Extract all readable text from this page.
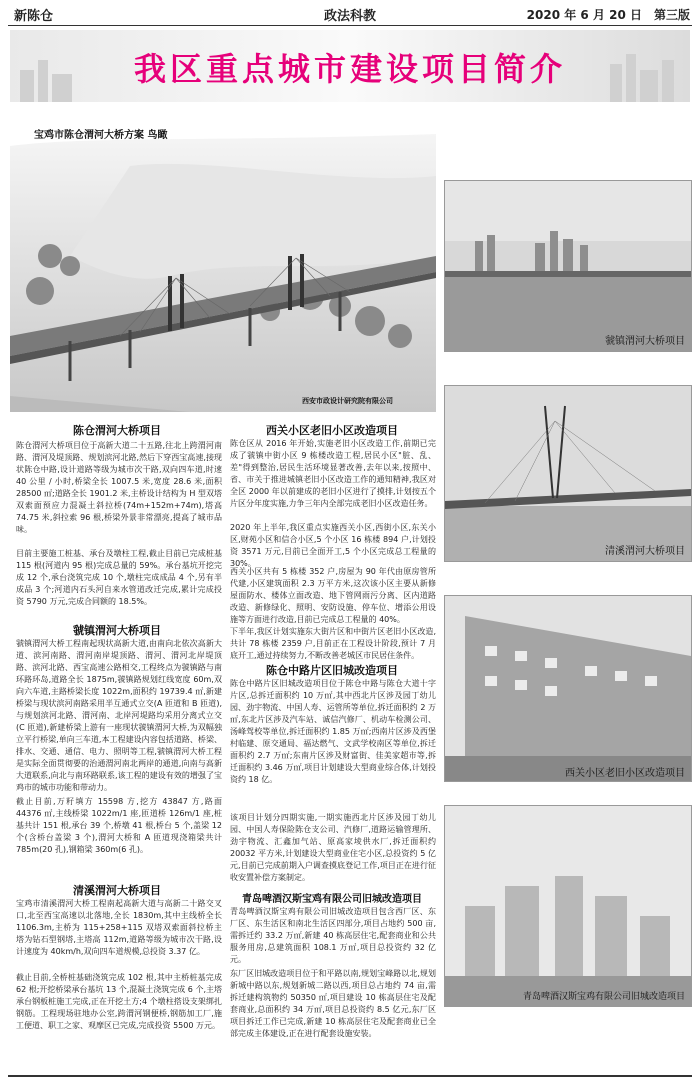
新陈仓	政法科教	2020 年 6 月 20 日　第三版
我区重点城市建设项目简介
宝鸡市陈仓渭河大桥方案 鸟瞰
西安市政设计研究院有限公司
虢镇渭河大桥项目
清溪渭河大桥项目
西关小区老旧小区改造项目
青岛啤酒汉斯宝鸡有限公司旧城改造项目
陈仓渭河大桥项目
陈仓渭河大桥项目位于高新大道二十五路,往北上跨渭河南路、渭河及堤顶路、规划滨河北路,然后下穿西宝高速,接现状陈仓中路,设计道路等级为城市次干路,双向四车道,时速 40 公里 / 小时,桥梁全长 1007.5 米,宽度 28.6 米,面积 28500 ㎡;道路全长 1901.2 米,主桥设计结构为 H 型双塔双索面预应力混凝土斜拉桥(74m+152m+74m),塔高 74.75 米,斜拉索 96 根,桥梁外景非常漂亮,提高了城市品味。
目前主要施工桩基、承台及墩柱工程,截止目前已完成桩基 115 根(河道内 95 根)完成总量的 59%。承台基坑开挖完成 12 个,承台浇筑完成 10 个,墩柱完成成品 4 个,另有半成品 3 个;河道内石头河自来水管道改迁完成,累计完成投资 5790 万元,完成合同额的 18.5%。
虢镇渭河大桥项目
虢镇渭河大桥工程南起现状高新大道,由南向北依次高新大道、滨河南路、渭河南岸堤顶路、渭河、渭河北岸堤顶路、滨河北路、西宝高速公路相交,工程终点为虢镇路与南环路环岛,道路全长 1875m,虢镇路规划红线宽度 60m,双向六车道,主路桥梁长度 1022m,面积约 19739.4 ㎡,新建桥梁与现状滨河南路采用半互通式立交(A 匝道和 B 匝道),与规划滨河北路、渭河南、北岸河堤路均采用分离式立交(C 匝道),新建桥梁上游有一座现状虢镇渭河大桥,为双幅独立平行桥梁,单向三车道,本工程建设内容包括道路、桥梁、排水、交通、通信、电力、照明等工程,虢镇渭河大桥工程是实际全面贯彻要的治通渭河南北两岸的通道,向南与高新大道联系,向北与南环路联系,该工程的建设有效的增强了宝鸡市的城市功能和带动力。
截止目前,万籽填方 15598 方,挖方 43847 方,路面 44376 ㎡,主线桥梁 1022m/1 座,匝道桥 126m/1 座,桩基共计 151 根,承台 39 个,桥墩 41 根,桥台 5 个,盖梁 12 个(含桥台盖梁 3 个),渭河大桥和 A 匝道现浇箱梁共计 785m(20 孔),钢箱梁 360m(6 孔)。
清溪渭河大桥项目
宝鸡市清溪渭河大桥工程南起高新大道与高新二十路交叉口,北至西宝高速以北落地,全长 1830m,其中主线桥全长 1106.3m,主桥为 115+258+115 双塔双索面斜拉桥主塔为钻石型钢塔,主塔高 112m,道路等级为城市次干路,设计速度为 40km/h,双向四车道规模,总投资 3.37 亿。
截止目前,全桥桩基础浇筑完成 102 根,其中主桥桩基完成 62 根;开挖桥梁承台基坑 13 个,混凝土浇筑完成 6 个,主塔承台钢板桩施工完成,正在开挖土方;4 个墩柱搭设支架绑扎钢筋。工程现场驻地办公室,跨渭河钢便桥,钢筋加工厂,施工便道、职工之家、观摩区已完成,完成投资 5500 万元。
西关小区老旧小区改造项目
陈仓区从 2016 年开始,实施老旧小区改造工作,前期已完成了虢镇中街小区 9 栋楼改造工程,居民小区"脏、乱、差"得到整治,居民生活环境显著改善,去年以来,按照中、省、市关于推进城镇老旧小区改造工作的通知精神,我区对全区 2000 年以前建成的老旧小区进行了摸排,计划按五个片区分年度实施,力争三年内全部完成老旧小区改造任务。
2020 年上半年,我区重点实施西关小区,西街小区,东关小区,财苑小区和信合小区,5 个小区 16 栋楼 894 户,计划投资 3571 万元,目前已全面开工,5 个小区完成总工程量的 30%。
西关小区共有 5 栋楼 352 户,房屋为 90 年代由原房管所代建,小区建筑面积 2.3 万平方米,这次该小区主要从新修屋面防水、楼体立面改造、地下管网雨污分离、区内道路改造、新修绿化、照明、安防设施、停车位、增添公用设施等方面进行改造,目前已完成总工程量的 40%。
下半年,我区计划实施东大街片区和中街片区老旧小区改造,共计 78 栋楼 2359 户,目前正在工程设计阶段,预计 7 月底开工,通过持续努力,不断改善老城区市民居住条件。
陈仓中路片区旧城改造项目
陈仓中路片区旧城改造项目位于陈仓中路与陈仓大道十字片区,总拆迁面积约 10 万㎡,其中西北片区涉及园丁幼儿园、劲宇物流、中国人寿、运管所等单位,拆迁面积约 2 万㎡,东北片区涉及汽车站、诚信汽修厂、机动车检测公司、汤峰驾校等单位,拆迁面积约 1.85 万㎡;西南片区涉及西堡村临建、原交通局、福达燃气、文武学校南区等单位,拆迁面积约 2.7 万㎡;东南片区涉及财富街、佳美家超市等,拆迁面积约 3.46 万㎡,项目计划建设大型商业综合体,计划投资约 18 亿。
该项目计划分四期实施,一期实施西北片区涉及园丁幼儿园、中国人寿保险陈仓支公司、汽修厂,道路运输管理所、劲宇物流、汇鑫加气站、原高家堎供水厂,拆迁面积约 20032 平方米,计划建设大型商业住宅小区,总投资约 5 亿元,目前已完成前期入户调查摸底登记工作,项目正在进行征收安置补偿方案制定。
青岛啤酒汉斯宝鸡有限公司旧城改造项目
青岛啤酒汉斯宝鸡有限公司旧城改造项目包含西厂区、东厂区、东生活区和南北生活区四部分,项目占地约 500 亩,需拆迁约 33.2 万㎡,新建 40 栋高层住宅,配套商业和公共服务用房,总建筑面积 108.1 万㎡,项目总投资约 32 亿元。
东厂区旧城改造项目位于和平路以南,规划宝峰路以北,规划新城中路以东,规划新城二路以西,项目总占地约 74 亩,需拆迁建构筑物约 50350 ㎡,项目建设 10 栋高层住宅及配套商业,总面积约 34 万㎡,项目总投资约 8.5 亿元,东厂区项目拆迁工作已完成,新建 10 栋高层住宅及配套商业已全部完成主体建设,正在进行配套设施安装。
